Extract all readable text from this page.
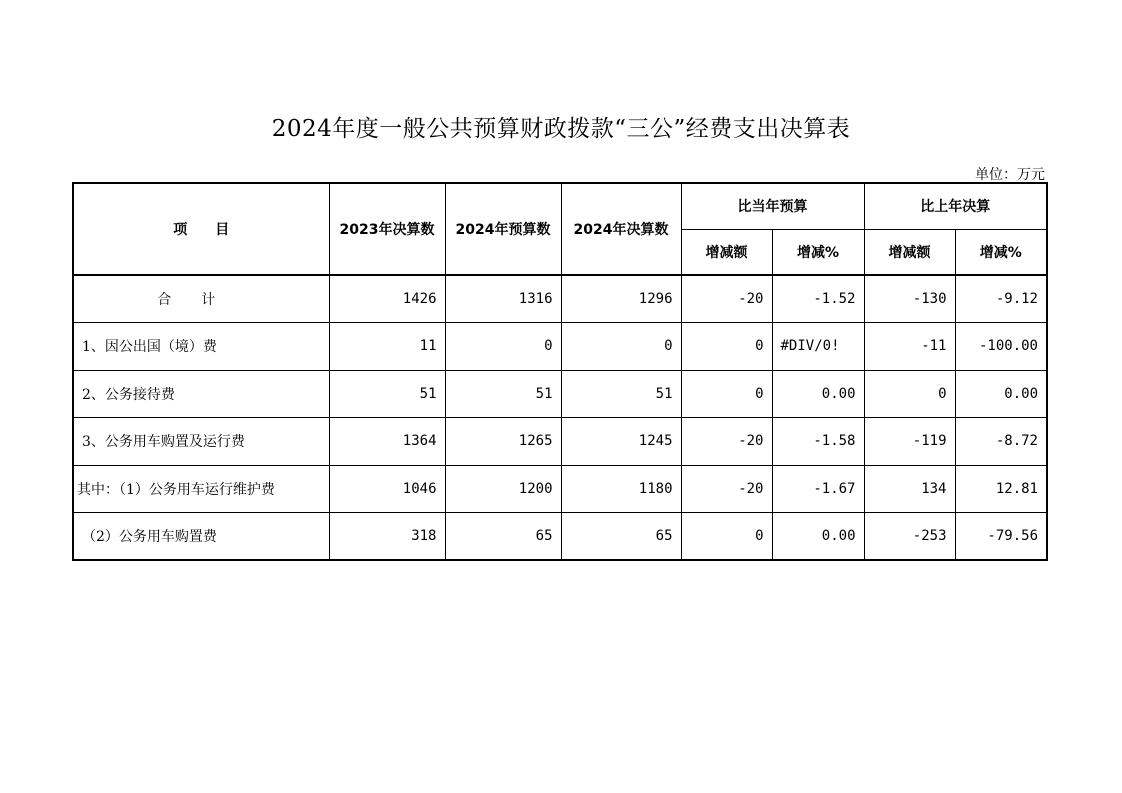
2024年度一般公共预算财政拨款“三公”经费支出决算表
单位：万元
项　　目	2023年决算数	2024年预算数	2024年决算数	比当年预算		比上年决算	
				增减额	增减%	增减额	增减%
合计	1426	1316	1296	-20	-1.52	-130	-9.12
1、因公出国（境）费	11	0	0	0	#DIV/0!	-11	-100.00
2、公务接待费	51	51	51	0	0.00	0	0.00
3、公务用车购置及运行费	1364	1265	1245	-20	-1.58	-119	-8.72
其中：（1）公务用车运行维护费	1046	1200	1180	-20	-1.67	134	12.81
（2）公务用车购置费	318	65	65	0	0.00	-253	-79.56
